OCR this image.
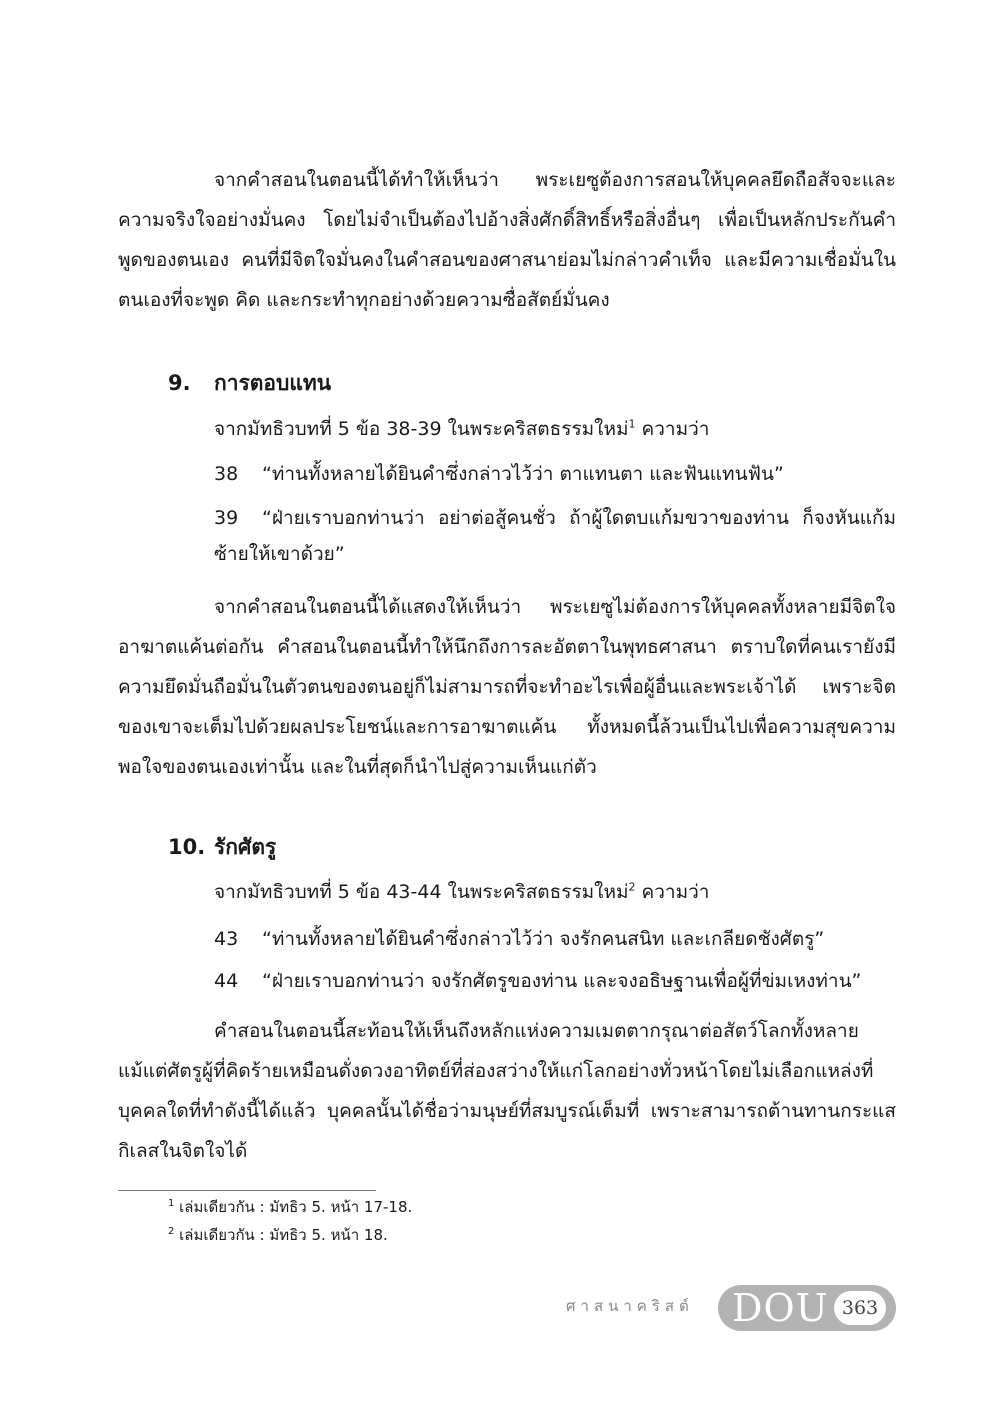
จากคำสอนในตอนนี้ได้ทำให้เห็นว่า พระเยซูต้องการสอนให้บุคคลยึดถือสัจจะและความจริงใจอย่างมั่นคง โดยไม่จำเป็นต้องไปอ้างสิ่งศักดิ์สิทธิ์หรือสิ่งอื่นๆ เพื่อเป็นหลักประกันคำพูดของตนเอง คนที่มีจิตใจมั่นคงในคำสอนของศาสนาย่อมไม่กล่าวคำเท็จ และมีความเชื่อมั่นในตนเองที่จะพูด คิด และกระทำทุกอย่างด้วยความซื่อสัตย์มั่นคง

9. การตอบแทน

จากมัทธิวบทที่ 5 ข้อ 38-39 ในพระคริสตธรรมใหม่$^1$ ความว่า

38 “ท่านทั้งหลายได้ยินคำซึ่งกล่าวไว้ว่า ตาแทนตา และฟันแทนฟัน”

39 “ฝ่ายเราบอกท่านว่า อย่าต่อสู้คนชั่ว ถ้าผู้ใดตบแก้มขวาของท่าน ก็จงหันแก้มซ้ายให้เขาด้วย”

จากคำสอนในตอนนี้ได้แสดงให้เห็นว่า พระเยซูไม่ต้องการให้บุคคลทั้งหลายมีจิตใจอาฆาตแค้นต่อกัน คำสอนในตอนนี้ทำให้นึกถึงการละอัตตาในพุทธศาสนา ตราบใดที่คนเรายังมีความยึดมั่นถือมั่นในตัวตนของตนอยู่ก็ไม่สามารถที่จะทำอะไรเพื่อผู้อื่นและพระเจ้าได้ เพราะจิตของเขาจะเต็มไปด้วยผลประโยชน์และการอาฆาตแค้น ทั้งหมดนี้ล้วนเป็นไปเพื่อความสุขความพอใจของตนเองเท่านั้น และในที่สุดก็นำไปสู่ความเห็นแก่ตัว

10. รักศัตรู

จากมัทธิวบทที่ 5 ข้อ 43-44 ในพระคริสตธรรมใหม่$^2$ ความว่า

43 “ท่านทั้งหลายได้ยินคำซึ่งกล่าวไว้ว่า จงรักคนสนิท และเกลียดชังศัตรู”

44 “ฝ่ายเราบอกท่านว่า จงรักศัตรูของท่าน และจงอธิษฐานเพื่อผู้ที่ข่มเหงท่าน”

คำสอนในตอนนี้สะท้อนให้เห็นถึงหลักแห่งความเมตตากรุณาต่อสัตว์โลกทั้งหลาย แม้แต่ศัตรูผู้ที่คิดร้ายเหมือนดั่งดวงอาทิตย์ที่ส่องสว่างให้แก่โลกอย่างทั่วหน้าโดยไม่เลือกแหล่งที่ บุคคลใดที่ทำดังนี้ได้แล้ว บุคคลนั้นได้ชื่อว่ามนุษย์ที่สมบูรณ์เต็มที่ เพราะสามารถต้านทานกระแสกิเลสในจิตใจได้

$^1$ เล่มเดียวกัน : มัทธิว 5. หน้า 17-18.

$^2$ เล่มเดียวกัน : มัทธิว 5. หน้า 18.

ศาสนาคริสต์ DOU 363
